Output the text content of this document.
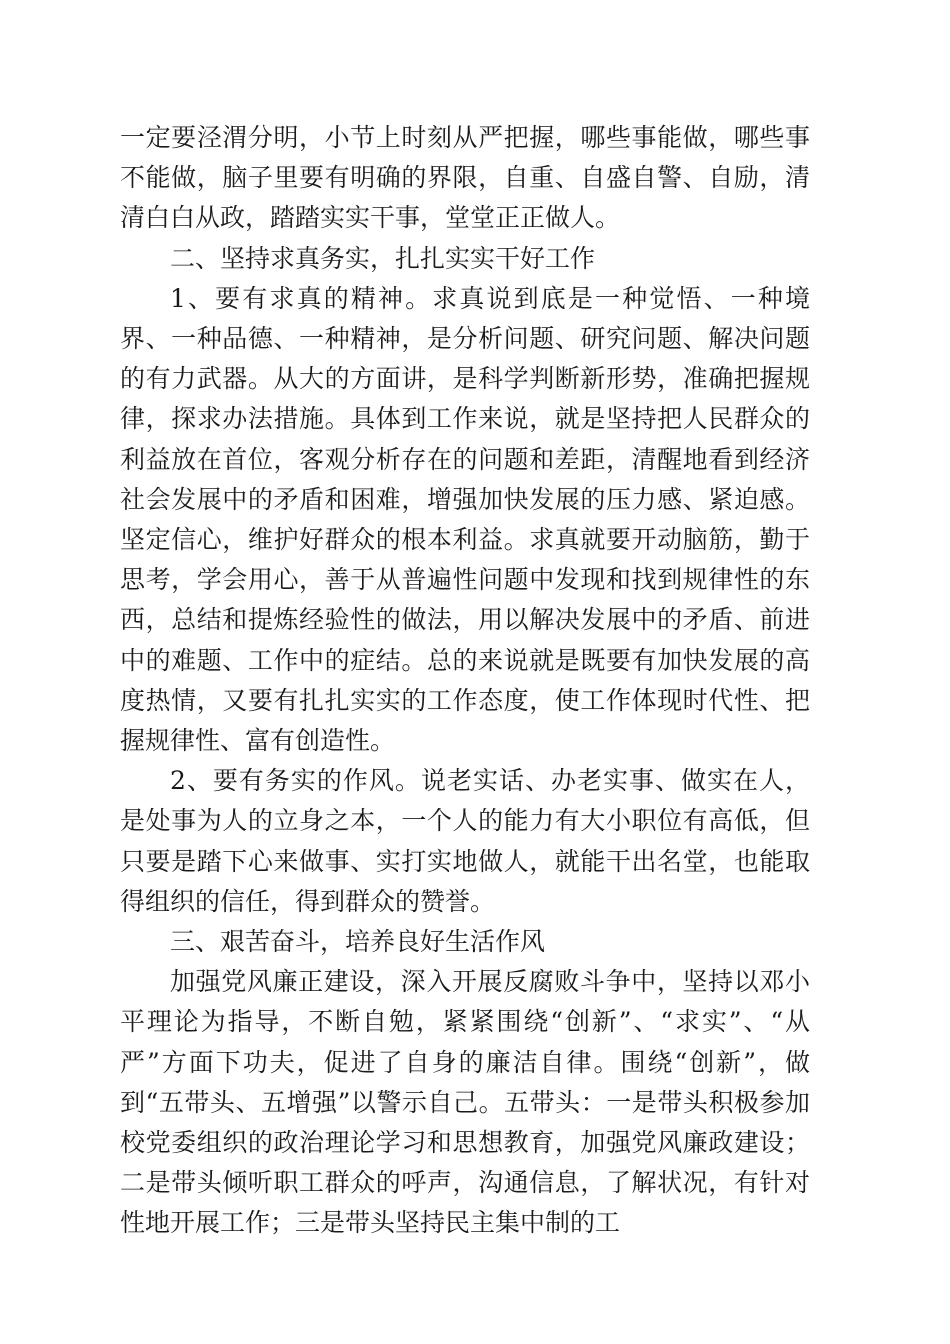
一定要泾渭分明，小节上时刻从严把握，哪些事能做，哪些事不能做，脑子里要有明确的界限，自重、自盛自警、自励，清清白白从政，踏踏实实干事，堂堂正正做人。

二、坚持求真务实，扎扎实实干好工作

1、要有求真的精神。求真说到底是一种觉悟、一种境界、一种品德、一种精神，是分析问题、研究问题、解决问题的有力武器。从大的方面讲，是科学判断新形势，准确把握规律，探求办法措施。具体到工作来说，就是坚持把人民群众的利益放在首位，客观分析存在的问题和差距，清醒地看到经济社会发展中的矛盾和困难，增强加快发展的压力感、紧迫感。坚定信心，维护好群众的根本利益。求真就要开动脑筋，勤于思考，学会用心，善于从普遍性问题中发现和找到规律性的东西，总结和提炼经验性的做法，用以解决发展中的矛盾、前进中的难题、工作中的症结。总的来说就是既要有加快发展的高度热情，又要有扎扎实实的工作态度，使工作体现时代性、把握规律性、富有创造性。

2、要有务实的作风。说老实话、办老实事、做实在人，是处事为人的立身之本，一个人的能力有大小职位有高低，但只要是踏下心来做事、实打实地做人，就能干出名堂，也能取得组织的信任，得到群众的赞誉。

三、艰苦奋斗，培养良好生活作风

加强党风廉正建设，深入开展反腐败斗争中，坚持以邓小平理论为指导，不断自勉，紧紧围绕“创新”、“求实”、“从严”方面下功夫，促进了自身的廉洁自律。围绕“创新”，做到“五带头、五增强”以警示自己。五带头：一是带头积极参加校党委组织的政治理论学习和思想教育，加强党风廉政建设；二是带头倾听职工群众的呼声，沟通信息，了解状况，有针对性地开展工作；三是带头坚持民主集中制的工
